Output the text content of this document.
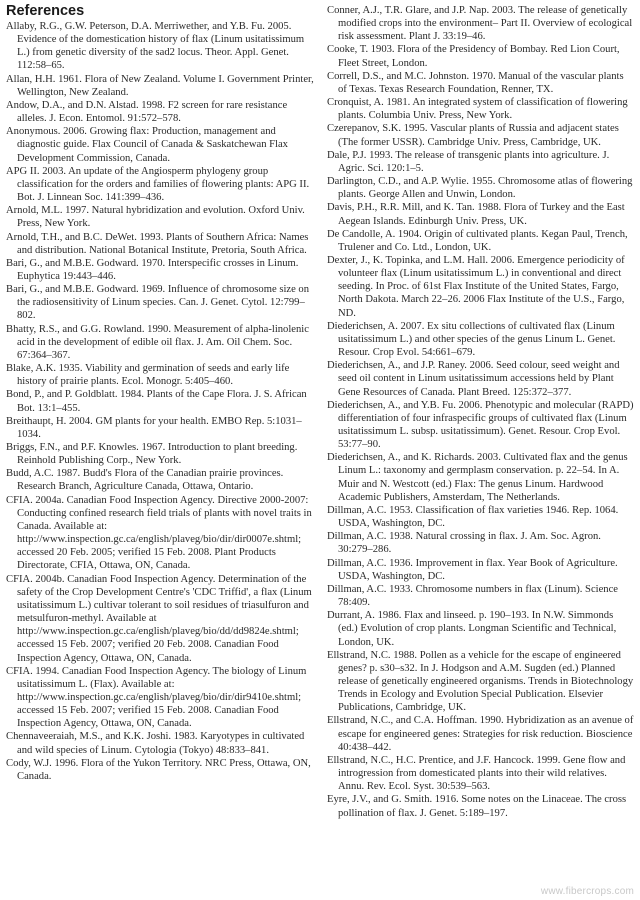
References

Allaby, R.G., G.W. Peterson, D.A. Merriwether, and Y.B. Fu. 2005. Evidence of the domestication history of flax (Linum usitatissimum L.) from genetic diversity of the sad2 locus. Theor. Appl. Genet. 112:58–65.

Allan, H.H. 1961. Flora of New Zealand. Volume I. Government Printer, Wellington, New Zealand.

Andow, D.A., and D.N. Alstad. 1998. F2 screen for rare resistance alleles. J. Econ. Entomol. 91:572–578.

Anonymous. 2006. Growing flax: Production, management and diagnostic guide. Flax Council of Canada & Saskatchewan Flax Development Commission, Canada.

APG II. 2003. An update of the Angiosperm phylogeny group classification for the orders and families of flowering plants: APG II. Bot. J. Linnean Soc. 141:399–436.

Arnold, M.L. 1997. Natural hybridization and evolution. Oxford Univ. Press, New York.

Arnold, T.H., and B.C. DeWet. 1993. Plants of Southern Africa: Names and distribution. National Botanical Institute, Pretoria, South Africa.

Bari, G., and M.B.E. Godward. 1970. Interspecific crosses in Linum. Euphytica 19:443–446.

Bari, G., and M.B.E. Godward. 1969. Influence of chromosome size on the radiosensitivity of Linum species. Can. J. Genet. Cytol. 12:799–802.

Bhatty, R.S., and G.G. Rowland. 1990. Measurement of alpha-linolenic acid in the development of edible oil flax. J. Am. Oil Chem. Soc. 67:364–367.

Blake, A.K. 1935. Viability and germination of seeds and early life history of prairie plants. Ecol. Monogr. 5:405–460.

Bond, P., and P. Goldblatt. 1984. Plants of the Cape Flora. J. S. African Bot. 13:1–455.

Breithaupt, H. 2004. GM plants for your health. EMBO Rep. 5:1031–1034.

Briggs, F.N., and P.F. Knowles. 1967. Introduction to plant breeding. Reinhold Publishing Corp., New York.

Budd, A.C. 1987. Budd's Flora of the Canadian prairie provinces. Research Branch, Agriculture Canada, Ottawa, Ontario.

CFIA. 2004a. Canadian Food Inspection Agency. Directive 2000-2007: Conducting confined research field trials of plants with novel traits in Canada. Available at: http://www.inspection.gc.ca/english/plaveg/bio/dir/dir0007e.shtml; accessed 20 Feb. 2005; verified 15 Feb. 2008. Plant Products Directorate, CFIA, Ottawa, ON, Canada.

CFIA. 2004b. Canadian Food Inspection Agency. Determination of the safety of the Crop Development Centre's 'CDC Triffid', a flax (Linum usitatissimum L.) cultivar tolerant to soil residues of triasulfuron and metsulfuron-methyl. Available at http://www.inspection.gc.ca/english/plaveg/bio/dd/dd9824e.shtml; accessed 15 Feb. 2007; verified 20 Feb. 2008. Canadian Food Inspection Agency, Ottawa, ON, Canada.

CFIA. 1994. Canadian Food Inspection Agency. The biology of Linum usitatissimum L. (Flax). Available at: http://www.inspection.gc.ca/english/plaveg/bio/dir/dir9410e.shtml; accessed 15 Feb. 2007; verified 15 Feb. 2008. Canadian Food Inspection Agency, Ottawa, ON, Canada.

Chennaveeraiah, M.S., and K.K. Joshi. 1983. Karyotypes in cultivated and wild species of Linum. Cytologia (Tokyo) 48:833–841.

Cody, W.J. 1996. Flora of the Yukon Territory. NRC Press, Ottawa, ON, Canada.

Conner, A.J., T.R. Glare, and J.P. Nap. 2003. The release of genetically modified crops into the environment– Part II. Overview of ecological risk assessment. Plant J. 33:19–46.

Cooke, T. 1903. Flora of the Presidency of Bombay. Red Lion Court, Fleet Street, London.

Correll, D.S., and M.C. Johnston. 1970. Manual of the vascular plants of Texas. Texas Research Foundation, Renner, TX.

Cronquist, A. 1981. An integrated system of classification of flowering plants. Columbia Univ. Press, New York.

Czerepanov, S.K. 1995. Vascular plants of Russia and adjacent states (The former USSR). Cambridge Univ. Press, Cambridge, UK.

Dale, P.J. 1993. The release of transgenic plants into agriculture. J. Agric. Sci. 120:1–5.

Darlington, C.D., and A.P. Wylie. 1955. Chromosome atlas of flowering plants. George Allen and Unwin, London.

Davis, P.H., R.R. Mill, and K. Tan. 1988. Flora of Turkey and the East Aegean Islands. Edinburgh Univ. Press, UK.

De Candolle, A. 1904. Origin of cultivated plants. Kegan Paul, Trench, Trulener and Co. Ltd., London, UK.

Dexter, J., K. Topinka, and L.M. Hall. 2006. Emergence periodicity of volunteer flax (Linum usitatissimum L.) in conventional and direct seeding. In Proc. of 61st Flax Institute of the United States, Fargo, North Dakota. March 22–26. 2006 Flax Institute of the U.S., Fargo, ND.

Diederichsen, A. 2007. Ex situ collections of cultivated flax (Linum usitatissimum L.) and other species of the genus Linum L. Genet. Resour. Crop Evol. 54:661–679.

Diederichsen, A., and J.P. Raney. 2006. Seed colour, seed weight and seed oil content in Linum usitatissimum accessions held by Plant Gene Resources of Canada. Plant Breed. 125:372–377.

Diederichsen, A., and Y.B. Fu. 2006. Phenotypic and molecular (RAPD) differentiation of four infraspecific groups of cultivated flax (Linum usitatissimum L. subsp. usitatissimum). Genet. Resour. Crop Evol. 53:77–90.

Diederichsen, A., and K. Richards. 2003. Cultivated flax and the genus Linum L.: taxonomy and germplasm conservation. p. 22–54. In A. Muir and N. Westcott (ed.) Flax: The genus Linum. Hardwood Academic Publishers, Amsterdam, The Netherlands.

Dillman, A.C. 1953. Classification of flax varieties 1946. Rep. 1064. USDA, Washington, DC.

Dillman, A.C. 1938. Natural crossing in flax. J. Am. Soc. Agron. 30:279–286.

Dillman, A.C. 1936. Improvement in flax. Year Book of Agriculture. USDA, Washington, DC.

Dillman, A.C. 1933. Chromosome numbers in flax (Linum). Science 78:409.

Durrant, A. 1986. Flax and linseed. p. 190–193. In N.W. Simmonds (ed.) Evolution of crop plants. Longman Scientific and Technical, London, UK.

Ellstrand, N.C. 1988. Pollen as a vehicle for the escape of engineered genes? p. s30–s32. In J. Hodgson and A.M. Sugden (ed.) Planned release of genetically engineered organisms. Trends in Biotechnology Trends in Ecology and Evolution Special Publication. Elsevier Publications, Cambridge, UK.

Ellstrand, N.C., and C.A. Hoffman. 1990. Hybridization as an avenue of escape for engineered genes: Strategies for risk reduction. Bioscience 40:438–442.

Ellstrand, N.C., H.C. Prentice, and J.F. Hancock. 1999. Gene flow and introgression from domesticated plants into their wild relatives. Annu. Rev. Ecol. Syst. 30:539–563.

Eyre, J.V., and G. Smith. 1916. Some notes on the Linaceae. The cross pollination of flax. J. Genet. 5:189–197.

www.fibercrops.com
